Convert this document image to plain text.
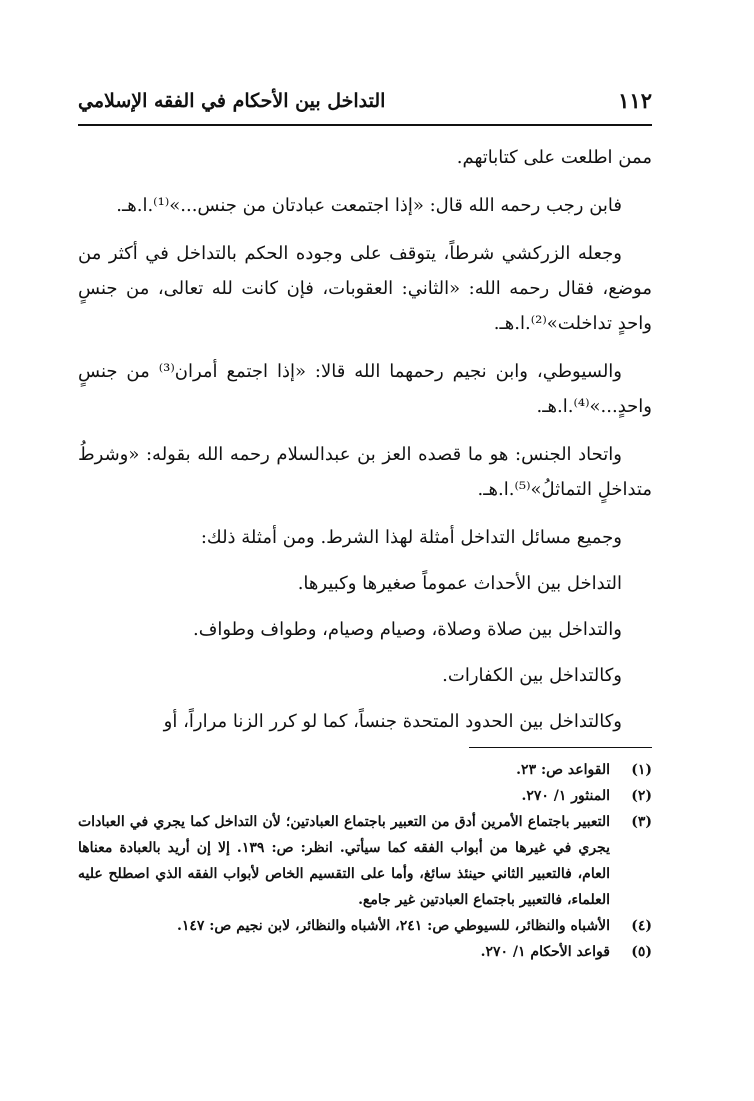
١١٢
التداخل بين الأحكام في الفقه الإسلامي

ممن اطلعت على كتاباتهم.

فابن رجب رحمه الله قال: «إذا اجتمعت عبادتان من جنس...»⁽¹⁾.ا.هـ.

وجعله الزركشي شرطاً، يتوقف على وجوده الحكم بالتداخل في أكثر من موضع، فقال رحمه الله: «الثاني: العقوبات، فإن كانت لله تعالى، من جنسٍ واحدٍ تداخلت»⁽²⁾.ا.هـ.

والسيوطي، وابن نجيم رحمهما الله قالا: «إذا اجتمع أمران⁽³⁾ من جنسٍ واحدٍ...»⁽⁴⁾.ا.هـ.

واتحاد الجنس: هو ما قصده العز بن عبدالسلام رحمه الله بقوله: «وشرطُ متداخلٍ التماثلُ»⁽⁵⁾.ا.هـ.

وجميع مسائل التداخل أمثلة لهذا الشرط. ومن أمثلة ذلك:

التداخل بين الأحداث عموماً صغيرها وكبيرها.

والتداخل بين صلاة وصلاة، وصيام وصيام، وطواف وطواف.

وكالتداخل بين الكفارات.

وكالتداخل بين الحدود المتحدة جنساً، كما لو كرر الزنا مراراً، أو

(١)
القواعد ص: ٢٣.
(٢)
المنثور ١/ ٢٧٠.
(٣)
التعبير باجتماع الأمرين أدق من التعبير باجتماع العبادتين؛ لأن التداخل كما يجري في العبادات يجري في غيرها من أبواب الفقه كما سيأتي. انظر: ص: ١٣٩. إلا إن أريد بالعبادة معناها العام، فالتعبير الثاني حينئذ سائغ، وأما على التقسيم الخاص لأبواب الفقه الذي اصطلح عليه العلماء، فالتعبير باجتماع العبادتين غير جامع.
(٤)
الأشباه والنظائر، للسيوطي ص: ٢٤١، الأشباه والنظائر، لابن نجيم ص: ١٤٧.
(٥)
قواعد الأحكام ١/ ٢٧٠.
